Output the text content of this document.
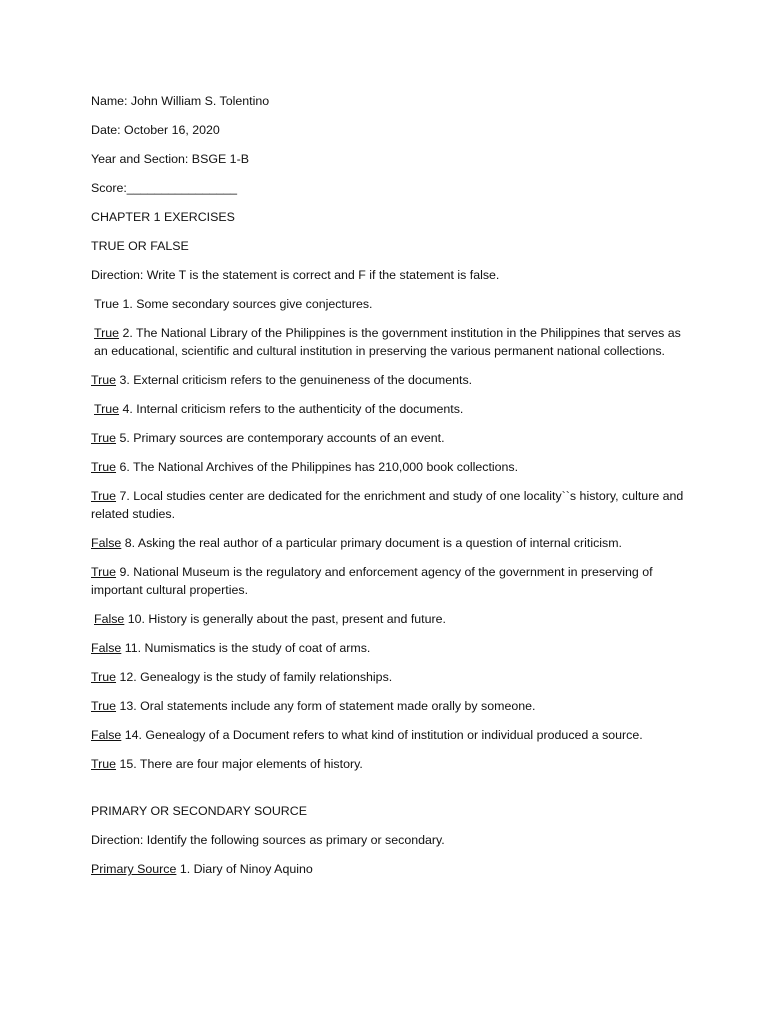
Name: John William S. Tolentino

Date: October 16, 2020

Year and Section: BSGE 1-B

Score:________________

CHAPTER 1 EXERCISES

TRUE OR FALSE

Direction: Write T is the statement is correct and F if the statement is false.

True 1. Some secondary sources give conjectures.

True 2. The National Library of the Philippines is the government institution in the Philippines that serves as an educational, scientific and cultural institution in preserving the various permanent national collections.

True 3. External criticism refers to the genuineness of the documents.

True 4. Internal criticism refers to the authenticity of the documents.

True 5. Primary sources are contemporary accounts of an event.

True 6. The National Archives of the Philippines has 210,000 book collections.

True 7. Local studies center are dedicated for the enrichment and study of one locality``s history, culture and related studies.

False 8. Asking the real author of a particular primary document is a question of internal criticism.

True 9. National Museum is the regulatory and enforcement agency of the government in preserving of important cultural properties.

False 10. History is generally about the past, present and future.

False 11. Numismatics is the study of coat of arms.

True 12. Genealogy is the study of family relationships.

True 13. Oral statements include any form of statement made orally by someone.

False 14. Genealogy of a Document refers to what kind of institution or individual produced a source.

True 15. There are four major elements of history.

PRIMARY OR SECONDARY SOURCE

Direction: Identify the following sources as primary or secondary.

Primary Source 1. Diary of Ninoy Aquino
